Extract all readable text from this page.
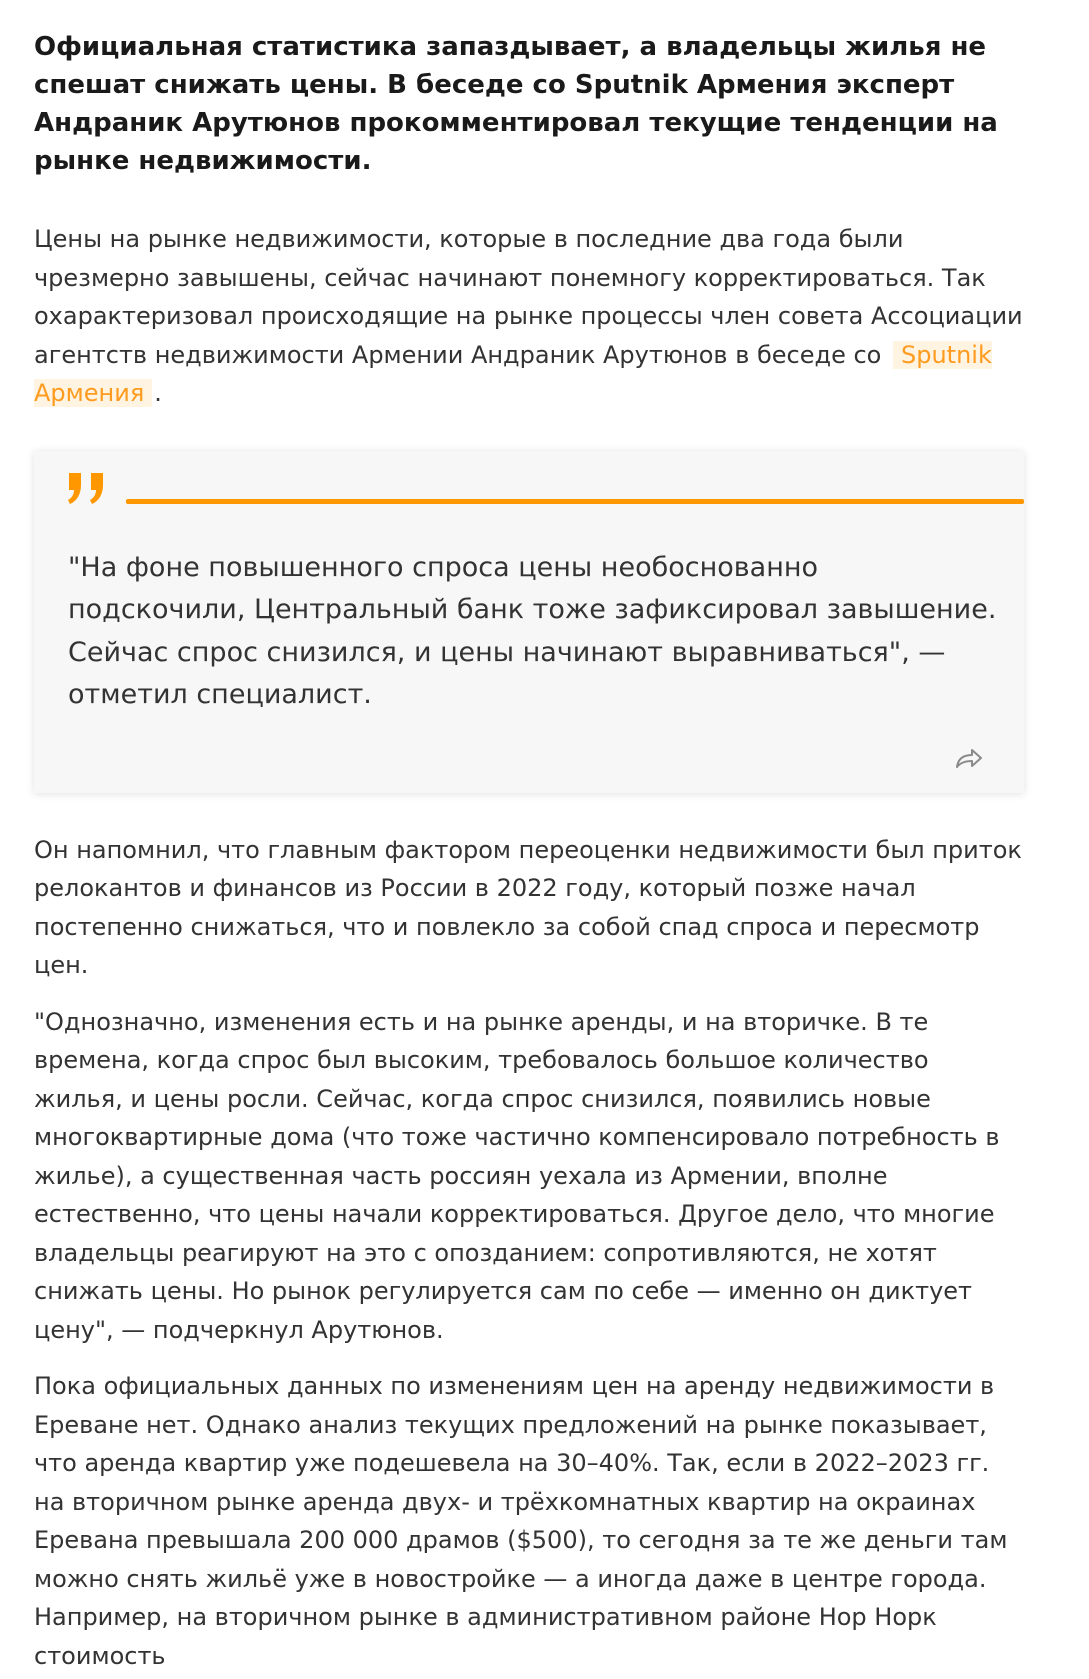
Официальная статистика запаздывает, а владельцы жилья не спешат снижать цены. В беседе со Sputnik Армения эксперт Андраник Арутюнов прокомментировал текущие тенденции на рынке недвижимости.

Цены на рынке недвижимости, которые в последние два года были чрезмерно завышены, сейчас начинают понемногу корректироваться. Так охарактеризовал происходящие на рынке процессы член совета Ассоциации агентств недвижимости Армении Андраник Арутюнов в беседе со Sputnik Армения .

"На фоне повышенного спроса цены необоснованно подскочили, Центральный банк тоже зафиксировал завышение. Сейчас спрос снизился, и цены начинают выравниваться", — отметил специалист.

Он напомнил, что главным фактором переоценки недвижимости был приток релокантов и финансов из России в 2022 году, который позже начал постепенно снижаться, что и повлекло за собой спад спроса и пересмотр цен.

"Однозначно, изменения есть и на рынке аренды, и на вторичке. В те времена, когда спрос был высоким, требовалось большое количество жилья, и цены росли. Сейчас, когда спрос снизился, появились новые многоквартирные дома (что тоже частично компенсировало потребность в жилье), а существенная часть россиян уехала из Армении, вполне естественно, что цены начали корректироваться. Другое дело, что многие владельцы реагируют на это с опозданием: сопротивляются, не хотят снижать цены. Но рынок регулируется сам по себе — именно он диктует цену", — подчеркнул Арутюнов.

Пока официальных данных по изменениям цен на аренду недвижимости в Ереване нет. Однако анализ текущих предложений на рынке показывает, что аренда квартир уже подешевела на 30–40%. Так, если в 2022–2023 гг. на вторичном рынке аренда двух- и трёхкомнатных квартир на окраинах Еревана превышала 200 000 драмов ($500), то сегодня за те же деньги там можно снять жильё уже в новостройке — а иногда даже в центре города. Например, на вторичном рынке в административном районе Нор Норк стоимость
